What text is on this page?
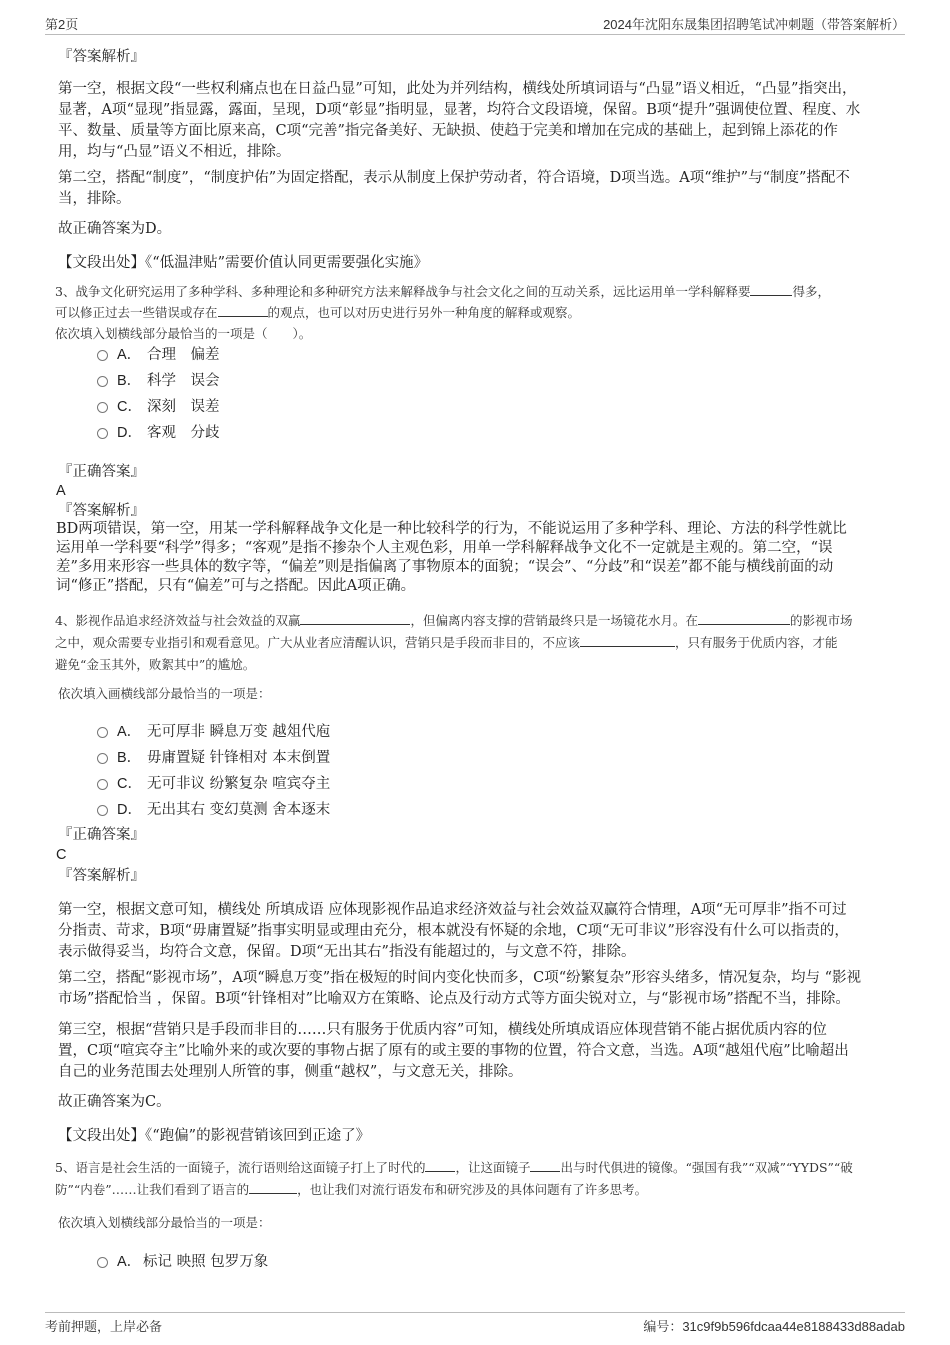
第2页	2024年沈阳东晟集团招聘笔试冲刺题（带答案解析）
『答案解析』
第一空，根据文段“一些权利痛点也在日益凸显”可知，此处为并列结构，横线处所填词语与“凸显”语义相近，“凸显”指突出，
显著，A项“显现”指显露，露面，呈现，D项“彰显”指明显，显著，均符合文段语境，保留。B项“提升”强调使位置、程度、水
平、数量、质量等方面比原来高，C项“完善”指完备美好、无缺损、使趋于完美和增加在完成的基础上，起到锦上添花的作
用，均与“凸显”语义不相近，排除。
第二空，搭配“制度”，“制度护佑”为固定搭配，表示从制度上保护劳动者，符合语境，D项当选。A项“维护”与“制度”搭配不
当，排除。
故正确答案为D。
【文段出处】《“低温津贴”需要价值认同更需要强化实施》
3、战争文化研究运用了多种学科、多种理论和多种研究方法来解释战争与社会文化之间的互动关系，远比运用单一学科解释要	得多，
可以修正过去一些错误或存在	的观点，也可以对历史进行另外一种角度的解释或观察。
依次填入划横线部分最恰当的一项是（　　）。
A． 合理　偏差
B． 科学　误会
C． 深刻　误差
D． 客观　分歧
『正确答案』
A
『答案解析』
BD两项错误，第一空，用某一学科解释战争文化是一种比较科学的行为，不能说运用了多种学科、理论、方法的科学性就比
运用单一学科要“科学”得多；“客观”是指不掺杂个人主观色彩，用单一学科解释战争文化不一定就是主观的。第二空，“误
差”多用来形容一些具体的数字等，“偏差”则是指偏离了事物原本的面貌；“误会”、“分歧”和“误差”都不能与横线前面的动
词“修正”搭配，只有“偏差”可与之搭配。因此A项正确。
4、影视作品追求经济效益与社会效益的双赢	，但偏离内容支撑的营销最终只是一场镜花水月。在	的影视市场
之中，观众需要专业指引和观看意见。广大从业者应清醒认识，营销只是手段而非目的，不应该	，只有服务于优质内容，才能
避免“金玉其外，败絮其中”的尴尬。
依次填入画横线部分最恰当的一项是：
A． 无可厚非 瞬息万变 越俎代庖
B． 毋庸置疑 针锋相对 本末倒置
C． 无可非议 纷繁复杂 喧宾夺主
D． 无出其右 变幻莫测 舍本逐末
『正确答案』
C
『答案解析』
第一空，根据文意可知，横线处 所填成语 应体现影视作品追求经济效益与社会效益双赢符合情理，A项“无可厚非”指不可过
分指责、苛求，B项“毋庸置疑”指事实明显或理由充分，根本就没有怀疑的余地，C项“无可非议”形容没有什么可以指责的，
表示做得妥当，均符合文意，保留。D项“无出其右”指没有能超过的，与文意不符，排除。
第二空，搭配“影视市场”，A项“瞬息万变”指在极短的时间内变化快而多，C项“纷繁复杂”形容头绪多，情况复杂，均与 “影视
市场”搭配恰当 ，保留。B项“针锋相对”比喻双方在策略、论点及行动方式等方面尖锐对立，与“影视市场”搭配不当，排除。
第三空，根据“营销只是手段而非目的……只有服务于优质内容”可知，横线处所填成语应体现营销不能占据优质内容的位
置，C项“喧宾夺主”比喻外来的或次要的事物占据了原有的或主要的事物的位置，符合文意，当选。A项“越俎代庖”比喻超出
自己的业务范围去处理别人所管的事，侧重“越权”，与文意无关，排除。
故正确答案为C。
【文段出处】《“跑偏”的影视营销该回到正途了》
5、语言是社会生活的一面镜子，流行语则给这面镜子打上了时代的 ，让这面镜子 出与时代俱进的镜像。“强国有我”“双减”“YYDS”“破
防”“内卷”……让我们看到了语言的	，也让我们对流行语发布和研究涉及的具体问题有了许多思考。
依次填入划横线部分最恰当的一项是：
A． 标记 映照 包罗万象
考前押题，上岸必备	编号：31c9f9b596fdcaa44e8188433d88adab
